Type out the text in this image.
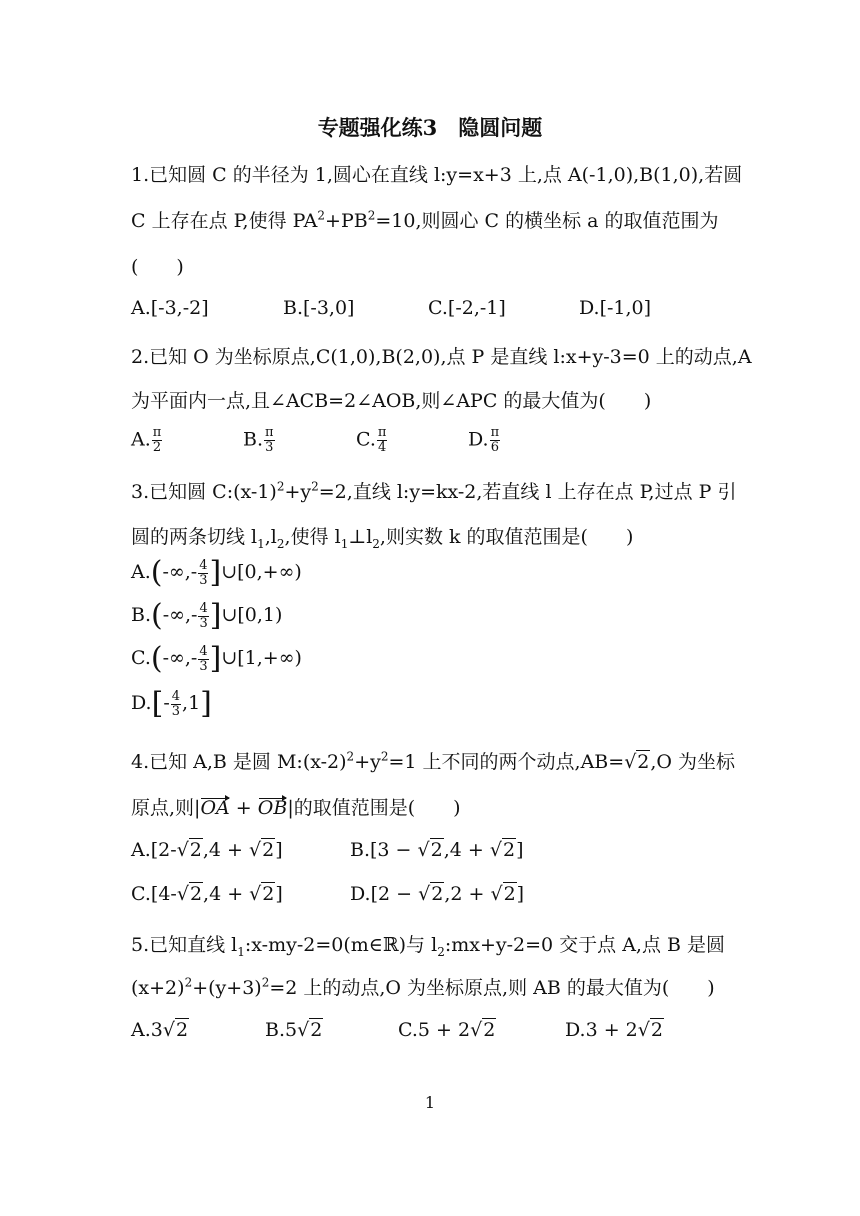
专题强化练3　隐圆问题
1.已知圆 C 的半径为 1,圆心在直线 l:y=x+3 上,点 A(-1,0),B(1,0),若圆
C 上存在点 P,使得 $PA^2+PB^2=10$,则圆心 C 的横坐标 a 的取值范围为
(　　)
A.[-3,-2]	B.[-3,0]	C.[-2,-1]	D.[-1,0]
2.已知 O 为坐标原点,C(1,0),B(2,0),点 P 是直线 l:x+y-3=0 上的动点,A
为平面内一点,且∠ACB=2∠AOB,则∠APC 的最大值为(　　)
A. $\frac{\pi}{2}$	B. $\frac{\pi}{3}$	C. $\frac{\pi}{4}$	D. $\frac{\pi}{6}$
3.已知圆 $C:(x-1)^2+y^2=2$,直线 l:y=kx-2,若直线 l 上存在点 P,过点 P 引
圆的两条切线 $l_1,l_2$,使得 $l_1\perp l_2$,则实数 k 的取值范围是(　　)
$A.(-\infty,- \frac{4}{3}$ ]∪[0,+∞)
$B.(-\infty,- \frac{4}{3}$ ]∪[0,1)
$C.(-\infty,- \frac{4}{3}$ ]∪[1,+∞)
$D.[- \frac{4}{3} ,1]$
4.已知 A,B 是圆 $M:(x-2)^2+y^2=1$ 上不同的两个动点,AB=√2,O 为坐标
原点,则|OA + OB|的取值范围是(　　)
A.[2-√2,4 + √2]	B.[3 − √2,4 + √2]
C.[4-√2,4 + √2]	D.[2 − √2,2 + √2]
5.已知直线 $l_1:x-my-2=0(m\in ℝ)$与 $l_2:mx+y-2=0$ 交于点 A,点 B 是圆
$(x+2)^2+(y+3)^2=2$ 上的动点,O 为坐标原点,则 AB 的最大值为(　　)
A.3√2	B.5√2	C.5 + 2√2	D.3 + 2√2
1
